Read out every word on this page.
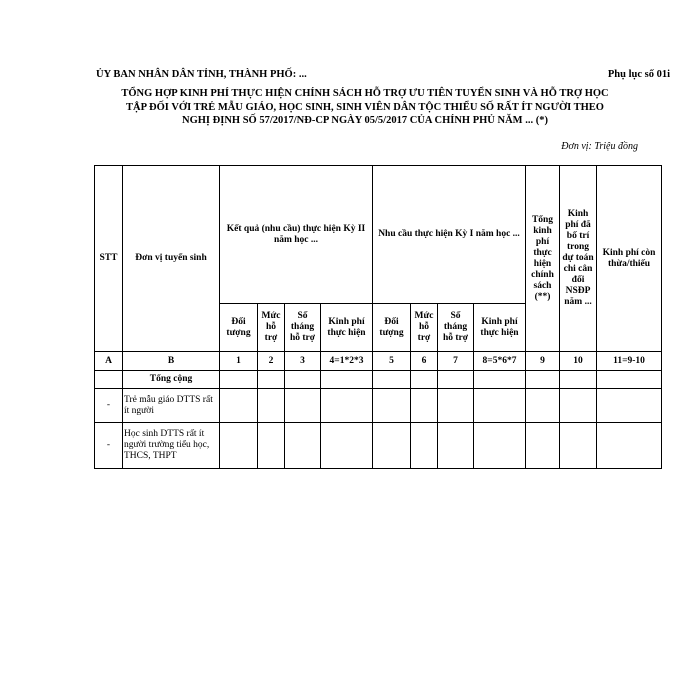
ỦY BAN NHÂN DÂN TỈNH, THÀNH PHỐ: ...	Phụ lục số 01i
TỔNG HỢP KINH PHÍ THỰC HIỆN CHÍNH SÁCH HỖ TRỢ ƯU TIÊN TUYỂN SINH VÀ HỖ TRỢ HỌC
TẬP ĐỐI VỚI TRẺ MẪU GIÁO, HỌC SINH, SINH VIÊN DÂN TỘC THIỂU SỐ RẤT ÍT NGƯỜI THEO
NGHỊ ĐỊNH SỐ 57/2017/NĐ-CP NGÀY 05/5/2017 CỦA CHÍNH PHỦ NĂM ... (*)
Đơn vị: Triệu đồng
STT	Đơn vị tuyển sinh	Kết quả (nhu cầu) thực hiện Kỳ II năm học ...				Nhu cầu thực hiện Kỳ I năm học ...				Tổng kinh phí thực hiện chính sách (**)	Kinh phí đã bố trí trong dự toán chi cân đối NSĐP năm ...	Kinh phí còn thừa/thiếu
		Đối tượng	Mức hỗ trợ	Số tháng hỗ trợ	Kinh phí thực hiện	Đối tượng	Mức hỗ trợ	Số tháng hỗ trợ	Kinh phí thực hiện			
A	B	1	2	3	4=1*2*3	5	6	7	8=5*6*7	9	10	11=9-10
	Tổng cộng											
-	Trẻ mẫu giáo DTTS rất ít người											
-	Học sinh DTTS rất ít người trường tiểu học, THCS, THPT											
